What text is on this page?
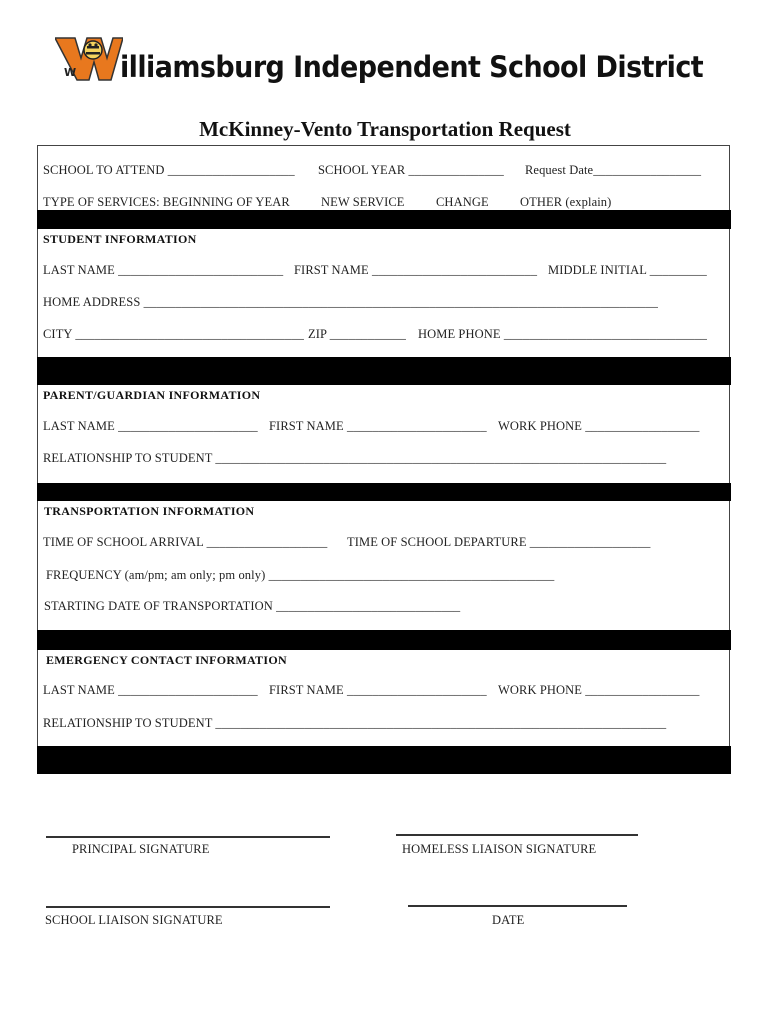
W illiamsburg Independent School District
McKinney-Vento Transportation Request
SCHOOL TO ATTEND ____________________ SCHOOL YEAR _______________ Request Date_________________
TYPE OF SERVICES: BEGINNING OF YEAR NEW SERVICE	CHANGE	OTHER (explain)
STUDENT INFORMATION
LAST NAME __________________________ FIRST NAME __________________________ MIDDLE INITIAL _________
HOME ADDRESS _________________________________________________________________________________
CITY ____________________________________ ZIP ____________ HOME PHONE ________________________________
PARENT/GUARDIAN INFORMATION
LAST NAME ______________________ FIRST NAME ______________________ WORK PHONE __________________
RELATIONSHIP TO STUDENT _______________________________________________________________________
TRANSPORTATION INFORMATION
TIME OF SCHOOL ARRIVAL ___________________ TIME OF SCHOOL DEPARTURE ___________________
FREQUENCY (am/pm; am only; pm only) _____________________________________________
STARTING DATE OF TRANSPORTATION _____________________________
EMERGENCY CONTACT INFORMATION
LAST NAME ______________________ FIRST NAME ______________________ WORK PHONE __________________
RELATIONSHIP TO STUDENT _______________________________________________________________________
PRINCIPAL SIGNATURE	HOMELESS LIAISON SIGNATURE
SCHOOL LIAISON SIGNATURE	DATE
